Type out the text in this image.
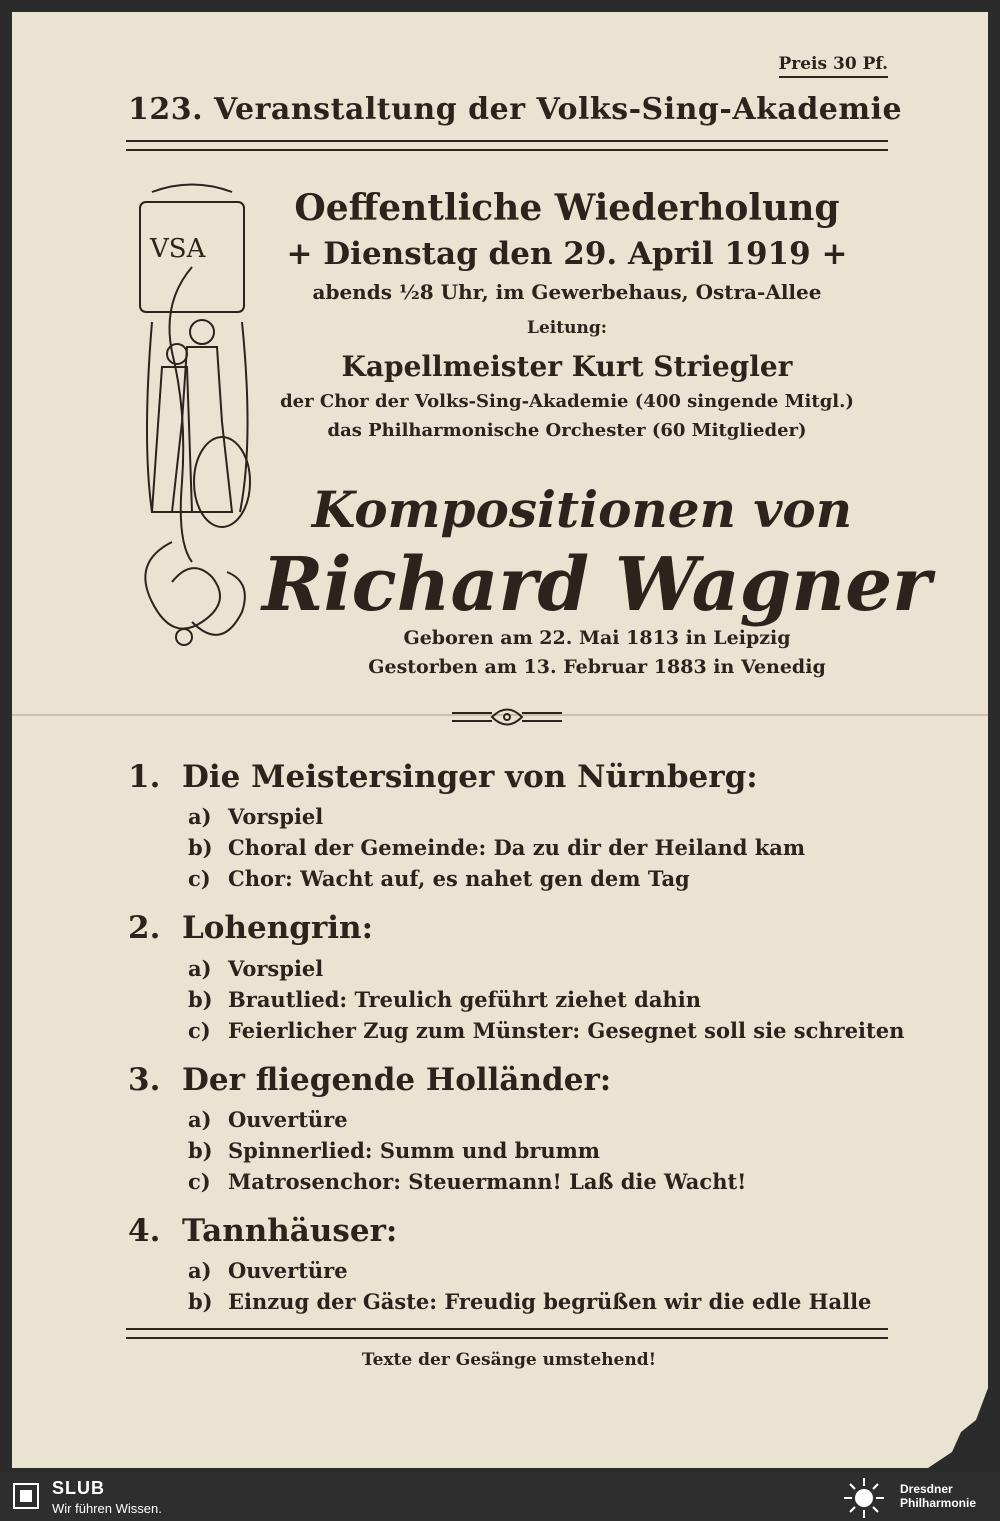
Preis 30 Pf.
123. Veranstaltung der Volks-Sing-Akademie
VSA

Oeffentliche Wiederholung

+ Dienstag den 29. April 1919 +

abends ½8 Uhr, im Gewerbehaus, Ostra-Allee

Leitung:

Kapellmeister Kurt Striegler

der Chor der Volks-Sing-Akademie (400 singende Mitgl.)

das Philharmonische Orchester (60 Mitglieder)

Kompositionen von
Richard Wagner
Geboren am 22. Mai 1813 in Leipzig
Gestorben am 13. Februar 1883 in Venedig
1. Die Meistersinger von Nürnberg:
a) Vorspiel
b) Choral der Gemeinde: Da zu dir der Heiland kam
c) Chor: Wacht auf, es nahet gen dem Tag
2. Lohengrin:
a) Vorspiel
b) Brautlied: Treulich geführt ziehet dahin
c) Feierlicher Zug zum Münster: Gesegnet soll sie schreiten
3. Der fliegende Holländer:
a) Ouvertüre
b) Spinnerlied: Summ und brumm
c) Matrosenchor: Steuermann! Laß die Wacht!
4. Tannhäuser:
a) Ouvertüre
b) Einzug der Gäste: Freudig begrüßen wir die edle Halle
Texte der Gesänge umstehend!
SLUB
Wir führen Wissen.
Dresdner
Philharmonie
